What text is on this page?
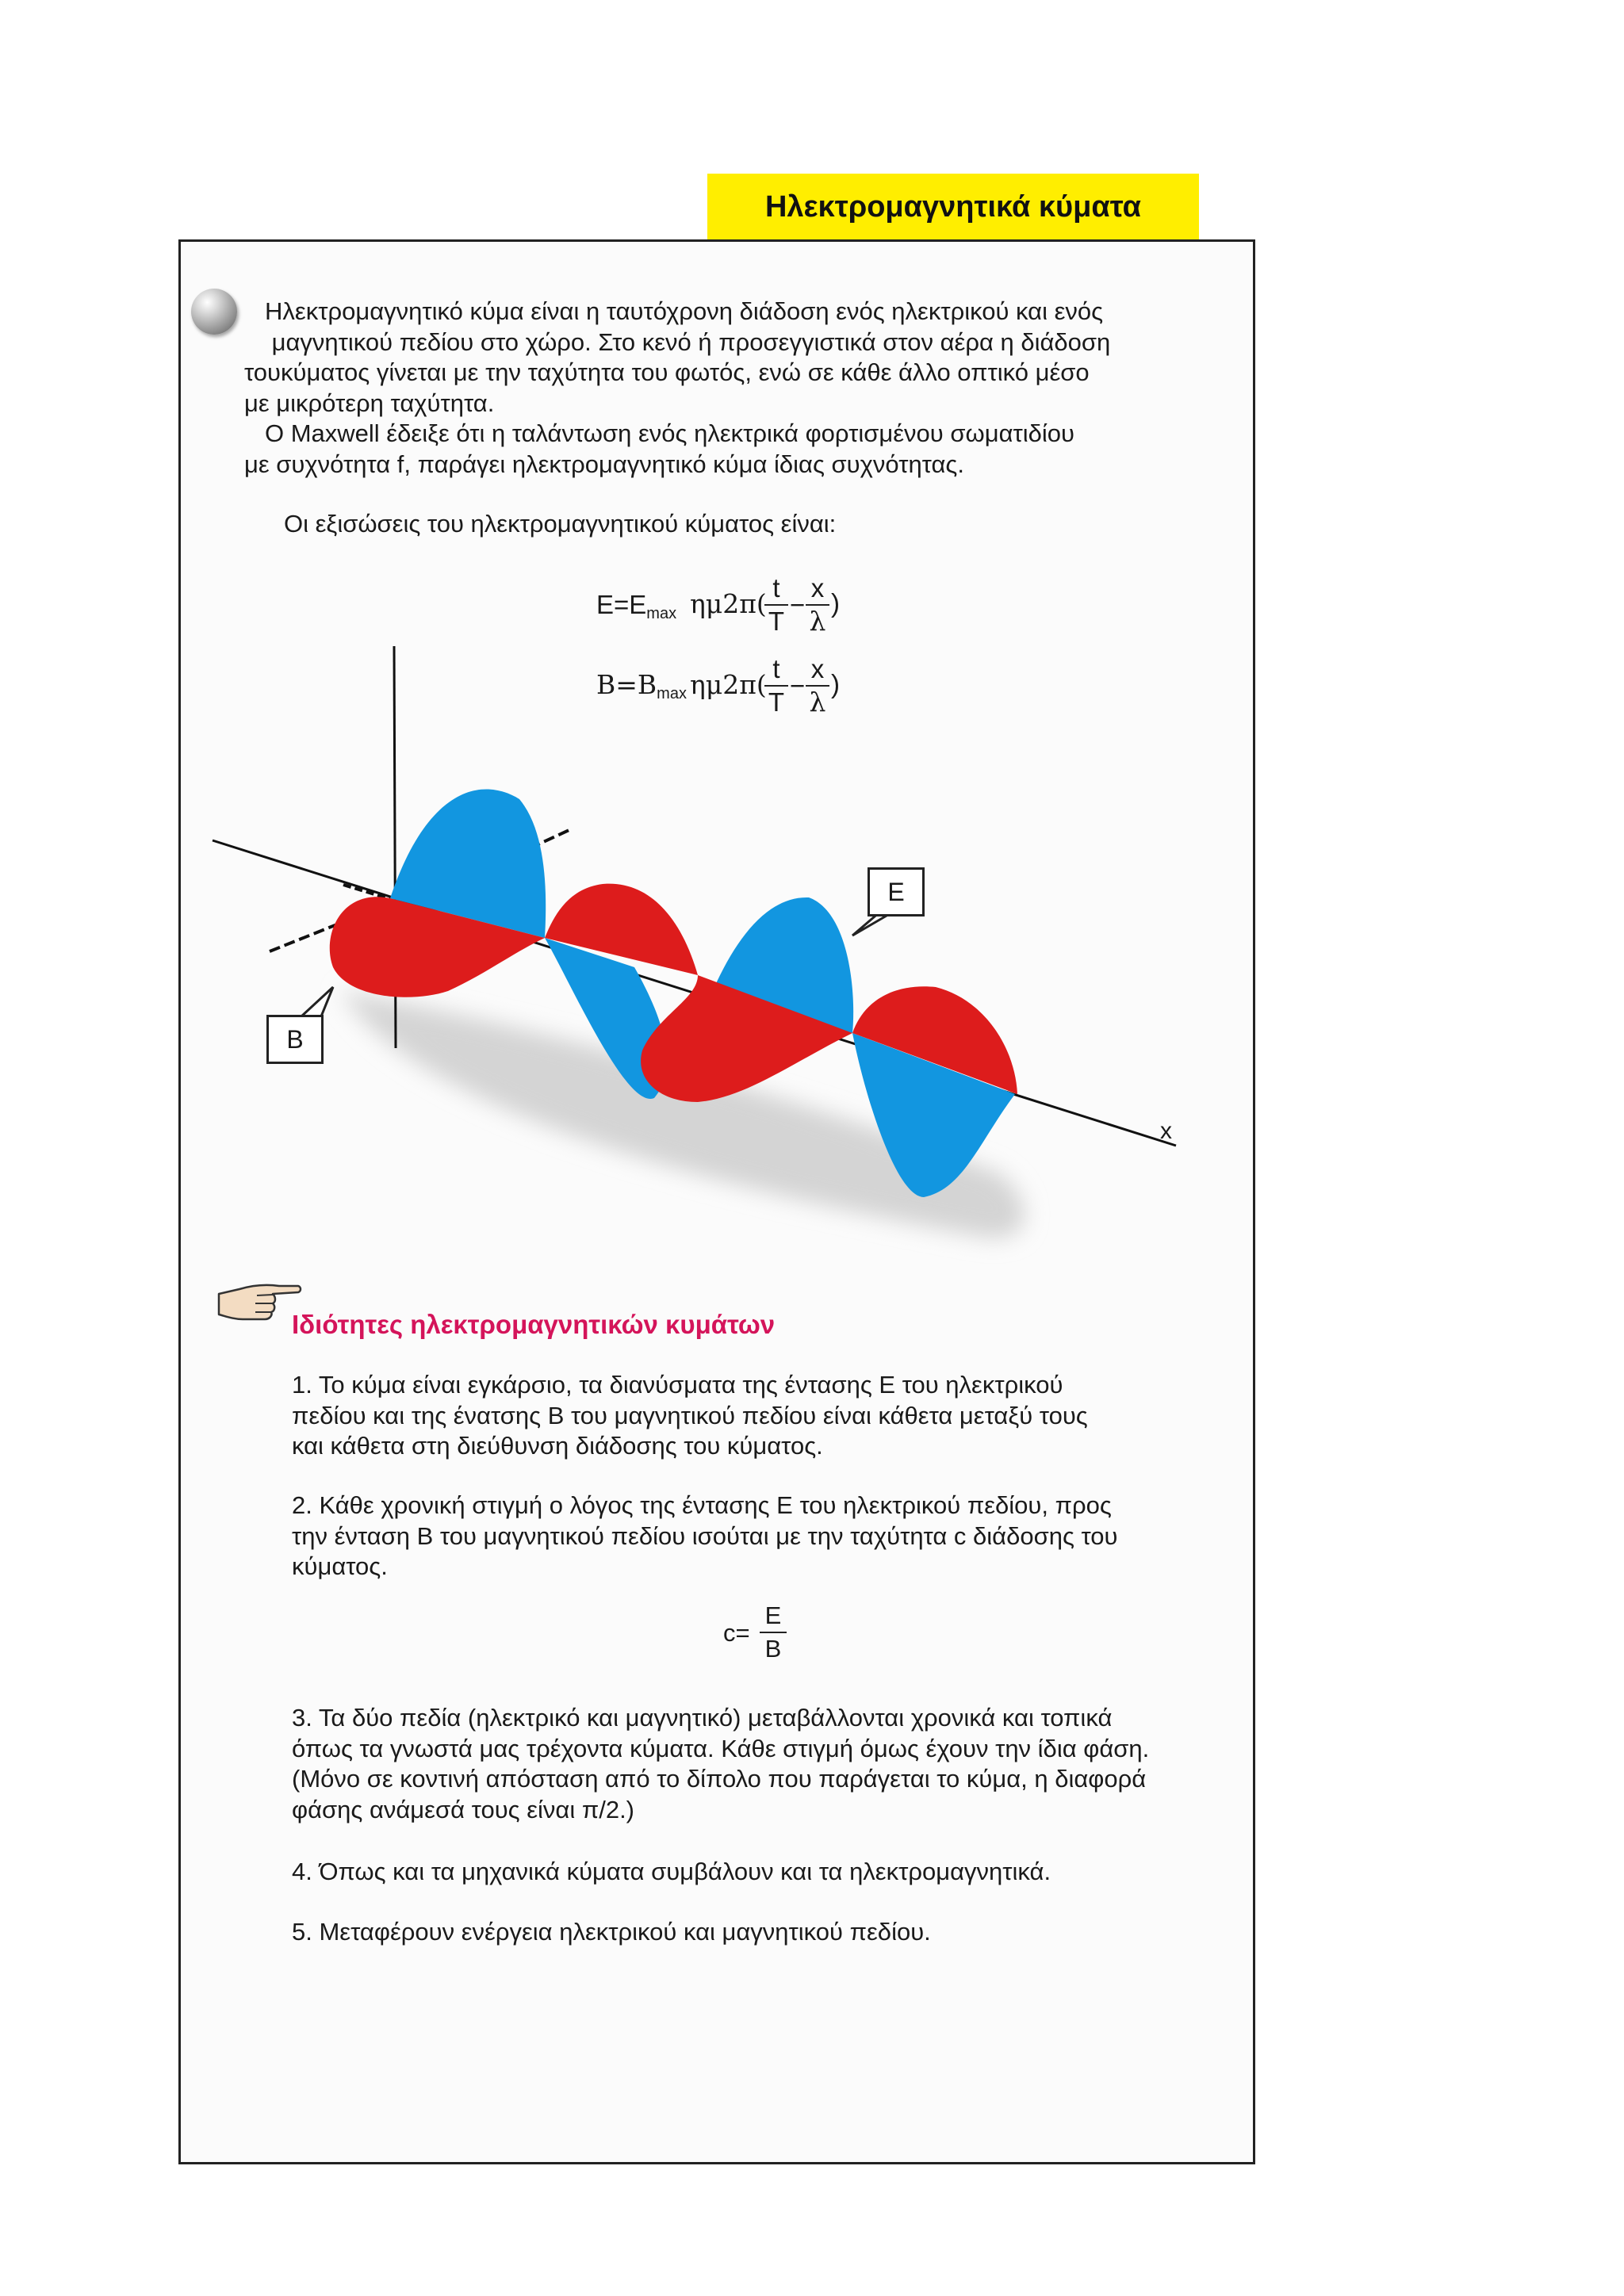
Ηλεκτρομαγνητικά κύματα
Ηλεκτρομαγνητικό κύμα είναι η ταυτόχρονη διάδοση ενός ηλεκτρικού και ενός
μαγνητικού πεδίου στο χώρο. Στο κενό ή προσεγγιστικά στον αέρα η διάδοση
τουκύματος γίνεται με την ταχύτητα του φωτός, ενώ σε κάθε άλλο οπτικό μέσο
με μικρότερη ταχύτητα.
Ο Maxwell έδειξε ότι η ταλάντωση ενός ηλεκτρικά φορτισμένου σωματιδίου
με συχνότητα f, παράγει ηλεκτρομαγνητικό κύμα ίδιας συχνότητας.
Οι εξισώσεις του ηλεκτρομαγνητικού κύματος είναι:
$E=E_{max}$ ημ2π(
t
T
−
x
λ
)
$B=B_{max}$ ημ2π(
t
T
−
x
λ
)
E
B
x
Ιδιότητες ηλεκτρομαγνητικών κυμάτων
1. Το κύμα είναι εγκάρσιο, τα διανύσματα της έντασης Ε του ηλεκτρικού
πεδίου και της ένατσης Β του μαγνητικού πεδίου είναι κάθετα μεταξύ τους
και κάθετα στη διεύθυνση διάδοσης του κύματος.
2. Κάθε χρονική στιγμή ο λόγος της έντασης Ε του ηλεκτρικού πεδίου, προς
την ένταση Β του μαγνητικού πεδίου ισούται με την ταχύτητα c διάδοσης του
κύματος.
c=
E
B
3. Τα δύο πεδία (ηλεκτρικό και μαγνητικό) μεταβάλλονται χρονικά και τοπικά
όπως τα γνωστά μας τρέχοντα κύματα. Κάθε στιγμή όμως έχουν την ίδια φάση.
(Μόνο σε κοντινή απόσταση από το δίπολο που παράγεται το κύμα, η διαφορά
φάσης ανάμεσά τους είναι π/2.)
4. Όπως και τα μηχανικά κύματα συμβάλουν και τα ηλεκτρομαγνητικά.
5. Μεταφέρουν ενέργεια ηλεκτρικού και μαγνητικού πεδίου.
